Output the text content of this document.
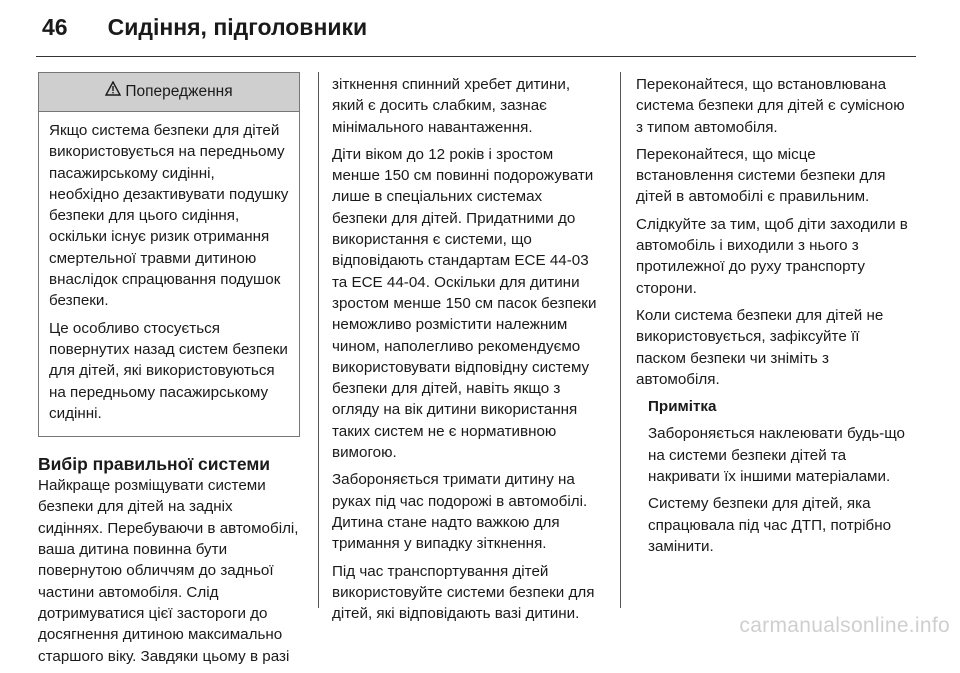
46 Сидіння, підголовники
Попередження

Якщо система безпеки для дітей використовується на передньому пасажирському сидінні, необхідно дезактивувати подушку безпеки для цього сидіння, оскільки існує ризик отримання смертельної травми дитиною внаслідок спрацювання подушок безпеки.

Це особливо стосується повернутих назад систем безпеки для дітей, які використовуються на передньому пасажирському сидінні.

Вибір правильної системи

Найкраще розміщувати системи безпеки для дітей на задніх сидіннях. Перебуваючи в автомобілі, ваша дитина повинна бути повернутою обличчям до задньої частини автомобіля. Слід дотримуватися цієї застороги до досягнення дитиною максимально старшого віку. Завдяки цьому в разі

зіткнення спинний хребет дитини, який є досить слабким, зазнає мінімального навантаження.

Діти віком до 12 років і зростом менше 150 см повинні подорожувати лише в спеціальних системах безпеки для дітей. Придатними до використання є системи, що відповідають стандартам ECE 44-03 та ECE 44-04. Оскільки для дитини зростом менше 150 см пасок безпеки неможливо розмістити належним чином, наполегливо рекомендуємо використовувати відповідну систему безпеки для дітей, навіть якщо з огляду на вік дитини використання таких систем не є нормативною вимогою.

Забороняється тримати дитину на руках під час подорожі в автомобілі. Дитина стане надто важкою для тримання у випадку зіткнення.

Під час транспортування дітей використовуйте системи безпеки для дітей, які відповідають вазі дитини.

Переконайтеся, що встановлювана система безпеки для дітей є сумісною з типом автомобіля.

Переконайтеся, що місце встановлення системи безпеки для дітей в автомобілі є правильним.

Слідкуйте за тим, щоб діти заходили в автомобіль і виходили з нього з протилежної до руху транспорту сторони.

Коли система безпеки для дітей не використовується, зафіксуйте її паском безпеки чи зніміть з автомобіля.

Примітка

Забороняється наклеювати будь-що на системи безпеки дітей та накривати їх іншими матеріалами.

Систему безпеки для дітей, яка спрацювала під час ДТП, потрібно замінити.

carmanualsonline.info
